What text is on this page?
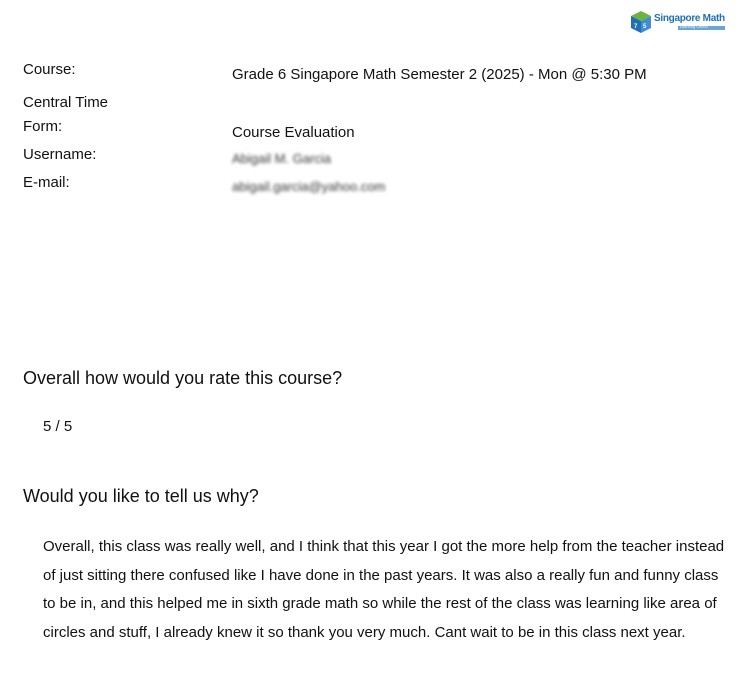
7 5
Singapore Math
Learning Center
Course:	Grade 6 Singapore Math Semester 2 (2025) - Mon @ 5:30 PM
Central Time
Form:	Course Evaluation
Username:	Abigail M. Garcia
E-mail:	abigail.garcia@yahoo.com
Overall how would you rate this course?
5 / 5
Would you like to tell us why?

Overall, this class was really well, and I think that this year I got the more help from the teacher instead of just sitting there confused like I have done in the past years. It was also a really fun and funny class to be in, and this helped me in sixth grade math so while the rest of the class was learning like area of circles and stuff, I already knew it so thank you very much. Cant wait to be in this class next year.
